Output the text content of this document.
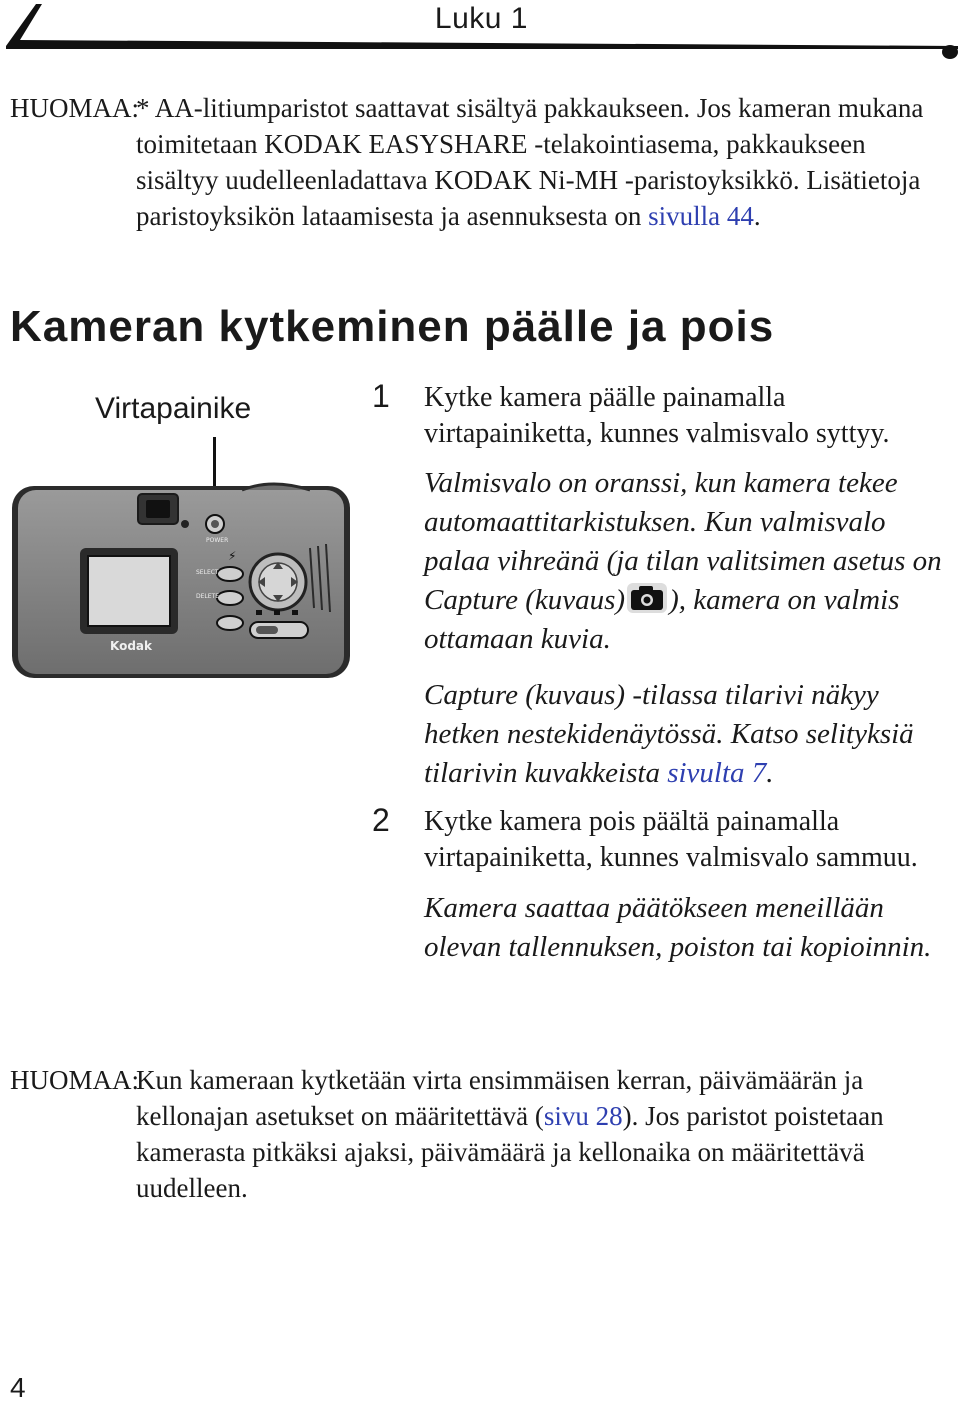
Luku 1
HUOMAA:
* AA-litiumparistot saattavat sisältyä pakkaukseen. Jos kameran mukana toimitetaan KODAK EASYSHARE -telakointiasema, pakkaukseen sisältyy uudelleenladattava KODAK Ni-MH -paristoyksikkö. Lisätietoja paristoyksikön lataamisesta ja asennuksesta on sivulla 44.
Kameran kytkeminen päälle ja pois
Virtapainike
POWER
⚡
SELECT
DELETE
Kodak
1 Kytke kamera päälle painamalla virtapainiketta, kunnes valmisvalo syttyy.
Valmisvalo on oranssi, kun kamera tekee automaattitarkistuksen. Kun valmisvalo palaa vihreänä (ja tilan valitsimen asetus on Capture (kuvaus) ), kamera on valmis ottamaan kuvia.
Capture (kuvaus) -tilassa tilarivi näkyy hetken nestekidenäytössä. Katso selityksiä tilarivin kuvakkeista sivulta 7.
2 Kytke kamera pois päältä painamalla virtapainiketta, kunnes valmisvalo sammuu.
Kamera saattaa päätökseen meneillään olevan tallennuksen, poiston tai kopioinnin.
HUOMAA:
Kun kameraan kytketään virta ensimmäisen kerran, päivämäärän ja kellonajan asetukset on määritettävä (sivu 28). Jos paristot poistetaan kamerasta pitkäksi ajaksi, päivämäärä ja kellonaika on määritettävä uudelleen.
4
